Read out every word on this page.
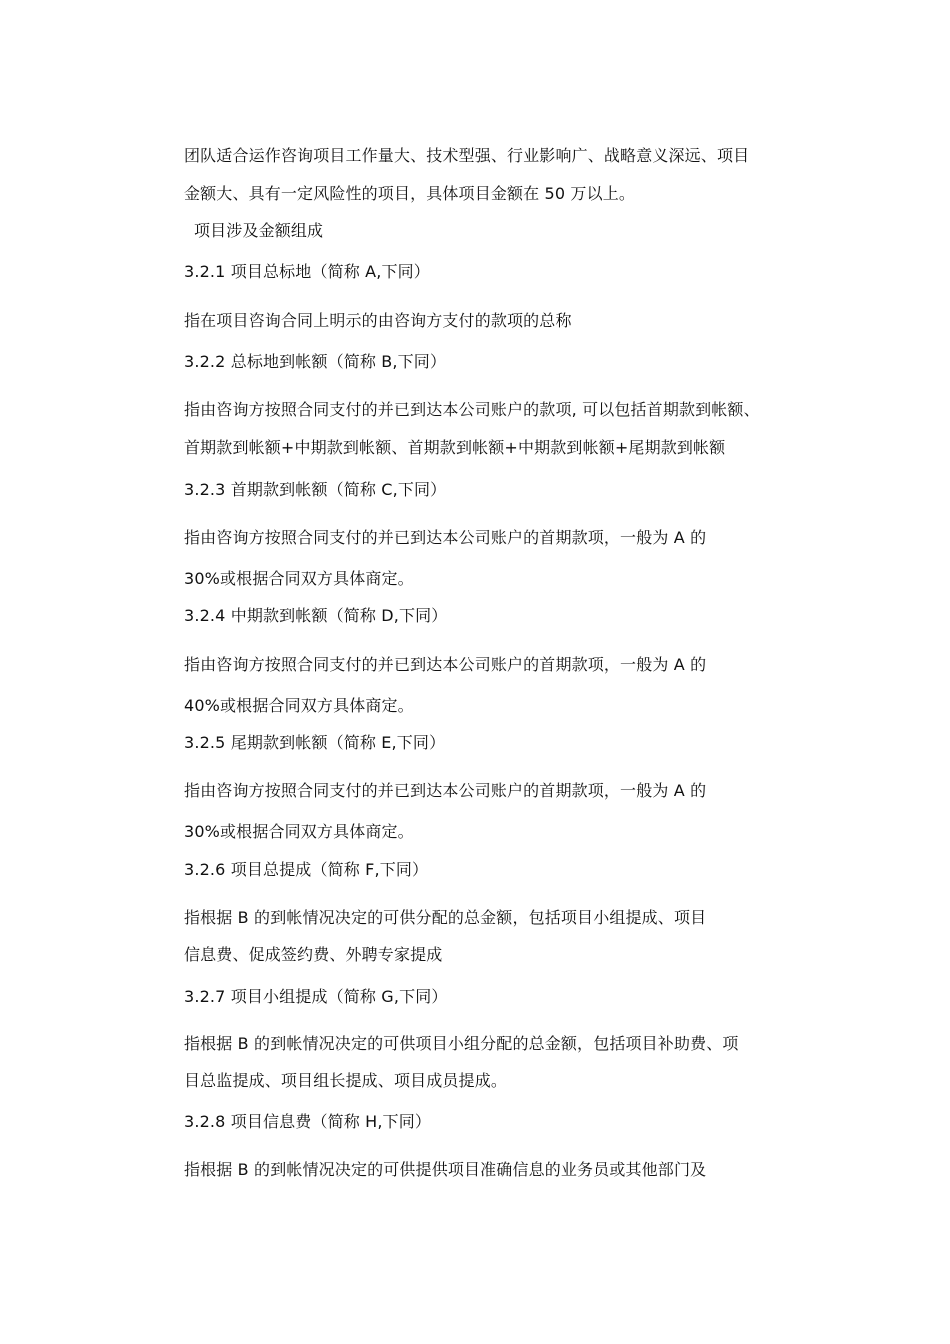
团队适合运作咨询项目工作量大、技术型强、行业影响广、战略意义深远、项目
金额大、具有一定风险性的项目，具体项目金额在 50 万以上。
项目涉及金额组成
3.2.1 项目总标地（简称 A,下同）
指在项目咨询合同上明示的由咨询方支付的款项的总称
3.2.2 总标地到帐额（简称 B,下同）
指由咨询方按照合同支付的并已到达本公司账户的款项, 可以包括首期款到帐额、
首期款到帐额+中期款到帐额、首期款到帐额+中期款到帐额+尾期款到帐额
3.2.3 首期款到帐额（简称 C,下同）
指由咨询方按照合同支付的并已到达本公司账户的首期款项，一般为 A 的
30%或根据合同双方具体商定。
3.2.4 中期款到帐额（简称 D,下同）
指由咨询方按照合同支付的并已到达本公司账户的首期款项，一般为 A 的
40%或根据合同双方具体商定。
3.2.5 尾期款到帐额（简称 E,下同）
指由咨询方按照合同支付的并已到达本公司账户的首期款项，一般为 A 的
30%或根据合同双方具体商定。
3.2.6 项目总提成（简称 F,下同）
指根据 B 的到帐情况决定的可供分配的总金额，包括项目小组提成、项目
信息费、促成签约费、外聘专家提成
3.2.7 项目小组提成（简称 G,下同）
指根据 B 的到帐情况决定的可供项目小组分配的总金额，包括项目补助费、项
目总监提成、项目组长提成、项目成员提成。
3.2.8 项目信息费（简称 H,下同）
指根据 B 的到帐情况决定的可供提供项目准确信息的业务员或其他部门及
